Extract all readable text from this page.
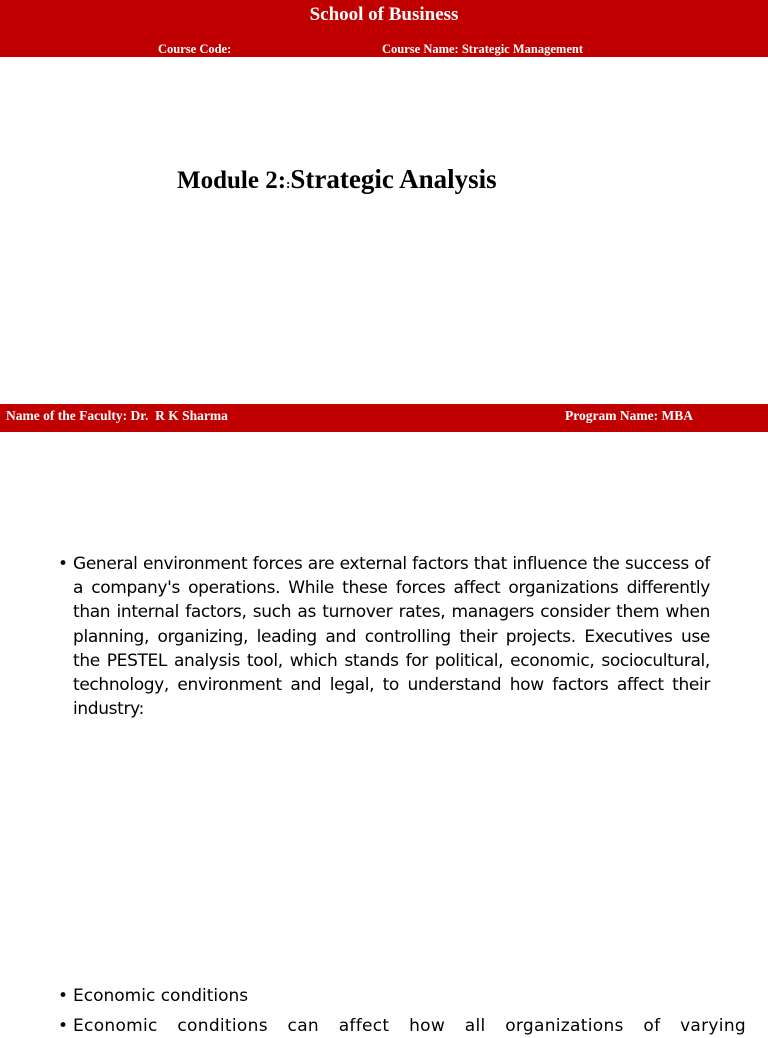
School of Business
Course Code:	Course Name: Strategic Management
Module 2::Strategic Analysis
Name of the Faculty: Dr.  R K Sharma	Program Name: MBA
• General environment forces are external factors that influence the success of a company's operations. While these forces affect organizations differently than internal factors, such as turnover rates, managers consider them when planning, organizing, leading and controlling their projects. Executives use the PESTEL analysis tool, which stands for political, economic, sociocultural, technology, environment and legal, to understand how factors affect their industry:
• Economic conditions
• Economic conditions can affect how all organizations of varying
